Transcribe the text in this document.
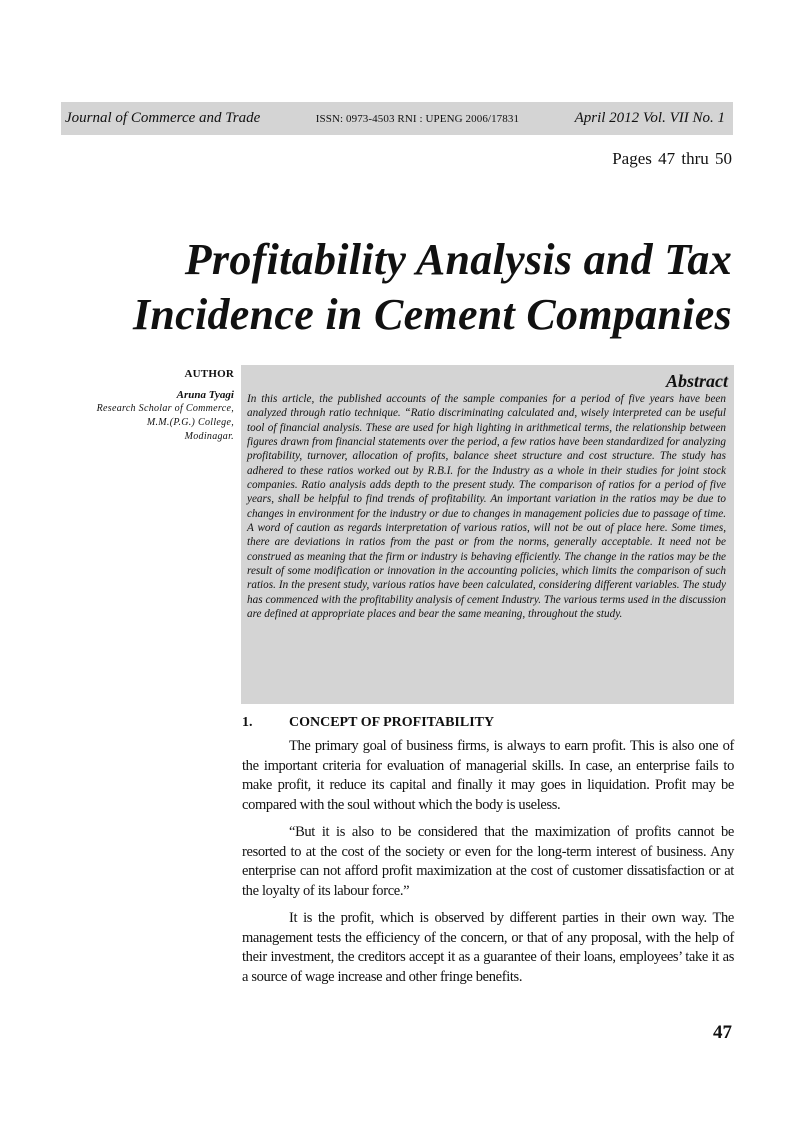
Journal of Commerce and Trade	ISSN: 0973-4503 RNI : UPENG 2006/17831	April 2012 Vol. VII No. 1
Pages 47 thru 50
Profitability Analysis and Tax
Incidence in Cement Companies
AUTHOR
Aruna Tyagi
Research Scholar of Commerce,
M.M.(P.G.) College,
Modinagar.
Abstract

In this article, the published accounts of the sample companies for a period of five years have been analyzed through ratio technique. “Ratio discriminating calculated and, wisely interpreted can be useful tool of financial analysis. These are used for high lighting in arithmetical terms, the relationship between figures drawn from financial statements over the period, a few ratios have been standardized for analyzing profitability, turnover, allocation of profits, balance sheet structure and cost structure. The study has adhered to these ratios worked out by R.B.I. for the Industry as a whole in their studies for joint stock companies. Ratio analysis adds depth to the present study. The comparison of ratios for a period of five years, shall be helpful to find trends of profitability. An important variation in the ratios may be due to changes in environment for the industry or due to changes in management policies due to passage of time. A word of caution as regards interpretation of various ratios, will not be out of place here. Some times, there are deviations in ratios from the past or from the norms, generally acceptable. It need not be construed as meaning that the firm or industry is behaving efficiently. The change in the ratios may be the result of some modification or innovation in the accounting policies, which limits the comparison of such ratios. In the present study, various ratios have been calculated, considering different variables. The study has commenced with the profitability analysis of cement Industry. The various terms used in the discussion are defined at appropriate places and bear the same meaning, throughout the study.

1.	CONCEPT OF PROFITABILITY

The primary goal of business firms, is always to earn profit. This is also one of the important criteria for evaluation of managerial skills. In case, an enterprise fails to make profit, it reduce its capital and finally it may goes in liquidation. Profit may be compared with the soul without which the body is useless.

“But it is also to be considered that the maximization of profits cannot be resorted to at the cost of the society or even for the long-term interest of business. Any enterprise can not afford profit maximization at the cost of customer dissatisfaction or at the loyalty of its labour force.”

It is the profit, which is observed by different parties in their own way. The management tests the efficiency of the concern, or that of any proposal, with the help of their investment, the creditors accept it as a guarantee of their loans, employees’ take it as a source of wage increase and other fringe benefits.

47
